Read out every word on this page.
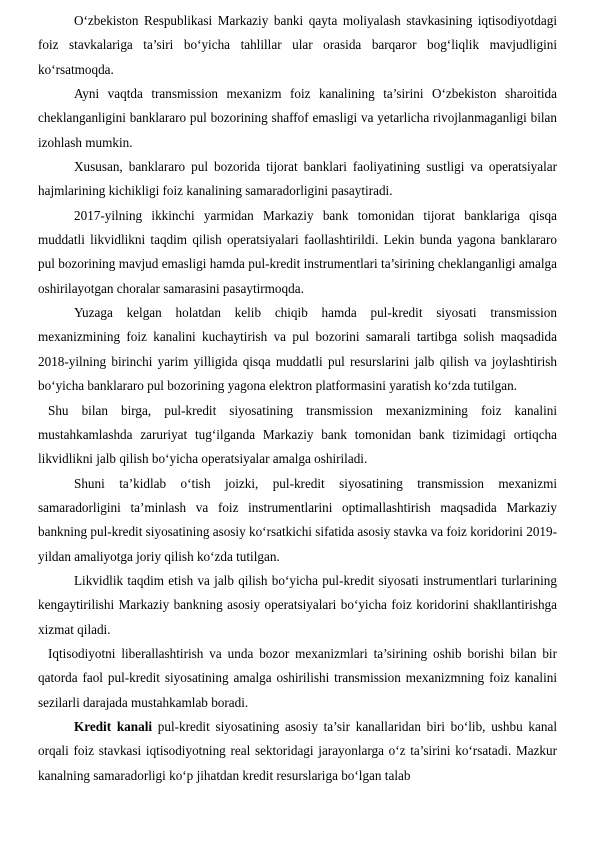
O‘zbekiston Respublikasi Markaziy banki qayta moliyalash stavkasining iqtisodiyotdagi foiz stavkalariga ta’siri bo‘yicha tahlillar ular orasida barqaror bog‘liqlik mavjudligini ko‘rsatmoqda.

Ayni vaqtda transmission mexanizm foiz kanalining ta’sirini O‘zbekiston sharoitida cheklanganligini banklararo pul bozorining shaffof emasligi va yetarlicha rivojlanmaganligi bilan izohlash mumkin.

Xususan, banklararo pul bozorida tijorat banklari faoliyatining sustligi va operatsiyalar hajmlarining kichikligi foiz kanalining samaradorligini pasaytiradi.

2017-yilning ikkinchi yarmidan Markaziy bank tomonidan tijorat banklariga qisqa muddatli likvidlikni taqdim qilish operatsiyalari faollashtirildi. Lekin bunda yagona banklararo pul bozorining mavjud emasligi hamda pul-kredit instrumentlari ta’sirining cheklanganligi amalga oshirilayotgan choralar samarasini pasaytirmoqda.

Yuzaga kelgan holatdan kelib chiqib hamda pul-kredit siyosati transmission mexanizmining foiz kanalini kuchaytirish va pul bozorini samarali tartibga solish maqsadida 2018-yilning birinchi yarim yilligida qisqa muddatli pul resurslarini jalb qilish va joylashtirish bo‘yicha banklararo pul bozorining yagona elektron platformasini yaratish ko‘zda tutilgan.

Shu bilan birga, pul-kredit siyosatining transmission mexanizmining foiz kanalini mustahkamlashda zaruriyat tug‘ilganda Markaziy bank tomonidan bank tizimidagi ortiqcha likvidlikni jalb qilish bo‘yicha operatsiyalar amalga oshiriladi.

Shuni ta’kidlab o‘tish joizki, pul-kredit siyosatining transmission mexanizmi samaradorligini ta’minlash va foiz instrumentlarini optimallashtirish maqsadida Markaziy bankning pul-kredit siyosatining asosiy ko‘rsatkichi sifatida asosiy stavka va foiz koridorini 2019-yildan amaliyotga joriy qilish ko‘zda tutilgan.

Likvidlik taqdim etish va jalb qilish bo‘yicha pul-kredit siyosati instrumentlari turlarining kengaytirilishi Markaziy bankning asosiy operatsiyalari bo‘yicha foiz koridorini shakllantirishga xizmat qiladi.

Iqtisodiyotni liberallashtirish va unda bozor mexanizmlari ta’sirining oshib borishi bilan bir qatorda faol pul-kredit siyosatining amalga oshirilishi transmission mexanizmning foiz kanalini sezilarli darajada mustahkamlab boradi.

Kredit kanali pul-kredit siyosatining asosiy ta’sir kanallaridan biri bo‘lib, ushbu kanal orqali foiz stavkasi iqtisodiyotning real sektoridagi jarayonlarga o‘z ta’sirini ko‘rsatadi. Mazkur kanalning samaradorligi ko‘p jihatdan kredit resurslariga bo‘lgan talab
